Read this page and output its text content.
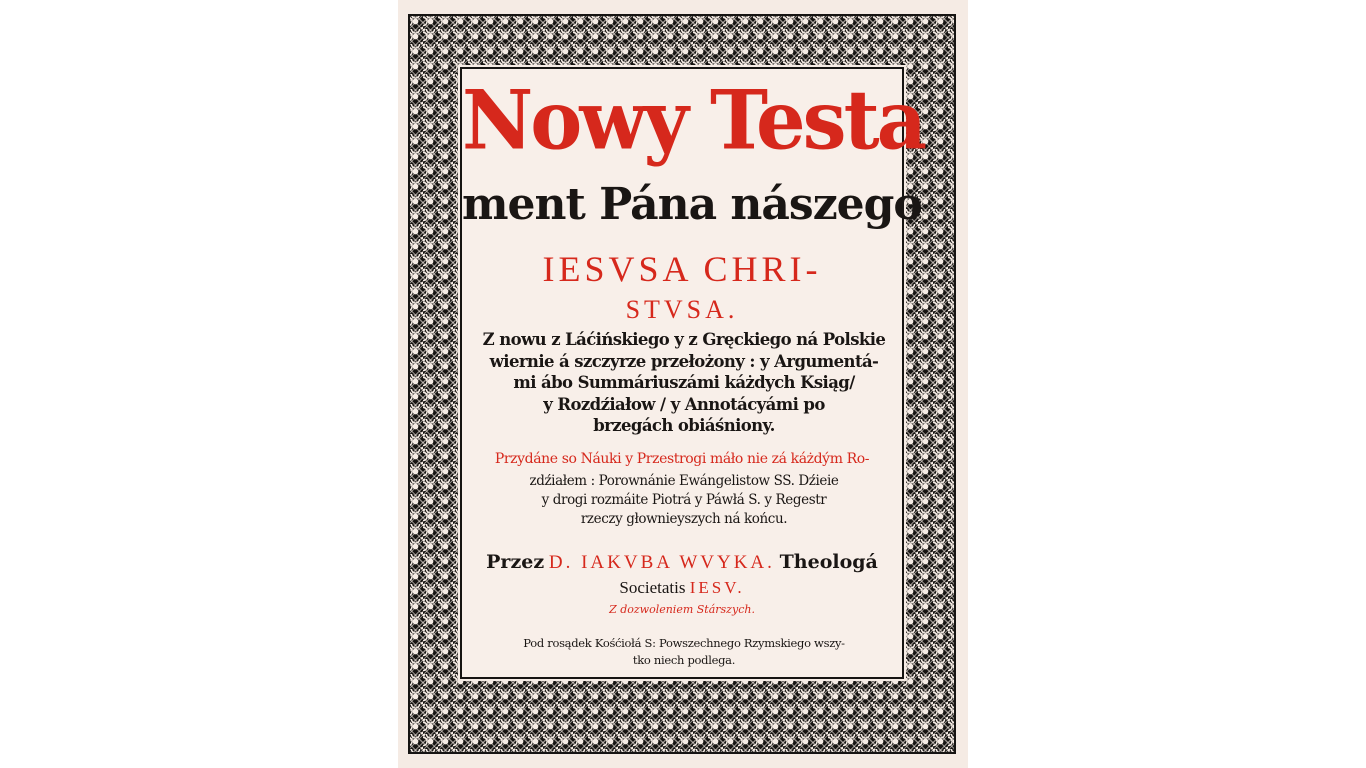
Nowy Testa
ment Pána nászego
IESVSA CHRI-
STVSA.
Z nowu z Láćińskiego y z Gręckiego ná Polskie
wiernie á szczyrze przełożony : y Argumentá-
mi ábo Summáriuszámi káżdych Ksiąg/
y Rozdźiałow / y Annotácyámi po
brzegách obiáśniony.
Przydáne so Náuki y Przestrogi máło nie zá káżdým Ro-
zdźiałem : Porownánie Ewángelistow SS. Dźieie
y drogi rozmáite Piotrá y Páwłá S. y Regestr
rzeczy głownieyszych ná końcu.
Przez D. IAKVBA WVYKA. Theologá
Societatis IESV.
Z dozwoleniem Stárszych.
Pod rosądek Kośćiołá S: Powszechnego Rzymskiego wszy-
tko niech podlega.
